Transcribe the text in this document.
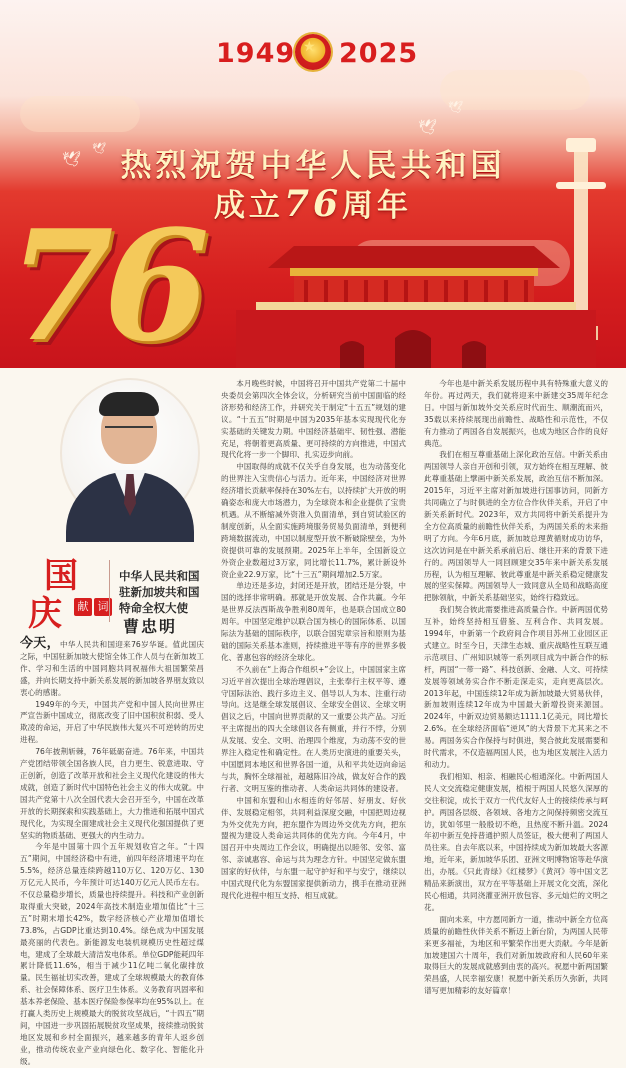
1949 ★ 2025
🕊
🕊
🕊
🕊 热烈祝贺中华人民共和国
成立76周年
76
国
庆	献 词
中华人民共和国
驻新加坡共和国
特命全权大使
曹忠明

今天，中华人民共和国迎来76岁华诞。值此国庆之际，中国驻新加坡大使馆全体工作人员与在新加坡工作、学习和生活的中国同胞共同祝福伟大祖国繁荣昌盛，并向长期支持中新关系发展的新加坡各界朋友致以衷心的感谢。

1949年的今天，中国共产党和中国人民向世界庄严宣告新中国成立，彻底改变了旧中国积贫积弱、受人欺凌的命运，开启了中华民族伟大复兴不可逆转的历史进程。

76年披荆斩棘，76年砥砺奋进。76年来，中国共产党团结带领全国各族人民，自力更生、锐意进取、守正创新，创造了改革开放和社会主义现代化建设的伟大成就，创造了新时代中国特色社会主义的伟大成就。中国共产党第十八次全国代表大会召开至今，中国在改革开放的长期探索和实践基础上，大力推进和拓展中国式现代化，为实现全面建成社会主义现代化强国提供了更坚实的物质基础、更强大的内生动力。

今年是中国第十四个五年规划收官之年。“十四五”期间，中国经济稳中有进，前四年经济增速平均在5.5%，经济总量连续跨越110万亿、120万亿、130万亿元人民币，今年预计可达140万亿元人民币左右。不仅总量稳步增长，质量也持续提升。科技和产业创新取得重大突破，2024年高技术制造业增加值比“十三五”时期末增长42%，数字经济核心产业增加值增长73.8%，占GDP比重达到10.4%。绿色成为中国发展最亮丽的代表色。新能源发电装机规模历史性超过煤电，建成了全球最大清洁发电体系。单位GDP能耗四年累计降低11.6%，相当于减少11亿吨二氧化碳排放量。民生福祉切实改善，建成了全球规模最大的教育体系、社会保障体系、医疗卫生体系。义务教育巩固率和基本养老保险、基本医疗保险参保率均在95%以上。在打赢人类历史上规模最大的脱贫攻坚战后，“十四五”期间，中国进一步巩固拓展脱贫攻坚成果，接续推动脱贫地区发展和乡村全面振兴，越来越多的青年人返乡创业，推动传统农业产业向绿色化、数字化、智能化升级。

本月晚些时候，中国将召开中国共产党第二十届中央委员会第四次全体会议，分析研究当前中国面临的经济形势和经济工作，并研究关于制定“十五五”规划的建议。“十五五”时期是中国为2035年基本实现现代化夯实基础的关键发力期。中国经济基础牢、韧性强、潜能充足，将朝着更高质量、更可持续的方向推进，中国式现代化将一步一个脚印、扎实迈步向前。

中国取得的成就不仅关乎自身发展，也为动荡变化的世界注入宝贵信心与活力。近年来，中国经济对世界经济增长贡献率保持在30%左右，以持续扩大开放的明确姿态和庞大市场潜力，为全球资本和企业提供了宝贵机遇。从不断缩减外资准入负面清单，到自贸试验区的制度创新，从全面实施跨境服务贸易负面清单，到便利跨境数据流动，中国以制度型开放不断破除壁垒，为外资提供可靠的发展预期。2025年上半年，全国新设立外资企业数超过3万家，同比增长11.7%，累计新设外资企业22.9万家，比“十三五”期间增加2.5万家。

单边还是多边，封闭还是开放，团结还是分裂，中国的选择非常明确。那就是开放发展、合作共赢。今年是世界反法西斯战争胜利80周年，也是联合国成立80周年。中国坚定维护以联合国为核心的国际体系、以国际法为基础的国际秩序，以联合国宪章宗旨和原则为基础的国际关系基本准则，持续推进平等有序的世界多极化、普惠包容的经济全球化。

不久前在“上海合作组织+”会议上，中国国家主席习近平首次提出全球治理倡议，主张奉行主权平等、遵守国际法治、践行多边主义、倡导以人为本、注重行动导向。这是继全球发展倡议、全球安全倡议、全球文明倡议之后，中国向世界贡献的又一重要公共产品。习近平主席提出的四大全球倡议各有侧重，并行不悖，分别从发展、安全、文明、治理四个维度，为动荡不安的世界注入稳定性和确定性。在人类历史演进的重要关头，中国愿同本地区和世界各国一道，从和平共处迈向命运与共，胸怀全球福祉，超越陈旧冷战，做友好合作的践行者、文明互鉴的推动者、人类命运共同体的建设者。

中国和东盟和山水相连的好邻居、好朋友、好伙伴、发展稳定相邻，共同利益深度交融，中国把周边视为外交优先方向，把东盟作为周边外交优先方向，把东盟视为建设人类命运共同体的优先方向。今年4月，中国召开中央周边工作会议，明确提出以睦邻、安邻、富邻、亲诚惠容、命运与共为理念方针。中国坚定做东盟国家的好伙伴，与东盟一起守护好和平与安宁，继续以中国式现代化为东盟国家提供新动力，携手在推动亚洲现代化进程中相互支持、相互成就。

今年也是中新关系发展历程中具有特殊重大意义的年份。再过两天，我们就将迎来中新建交35周年纪念日。中国与新加坡外交关系应时代而生、顺潮流而兴，35载以来持续展现出前瞻性、战略性和示范性，不仅有力推动了两国各自发展振兴，也成为地区合作的良好典范。

我们在相互尊重基础上深化政治互信。中新关系由两国领导人亲自开创和引领，双方始终在相互理解、彼此尊重基础上擘画中新关系发展，政治互信不断加深。2015年，习近平主席对新加坡进行国事访问，同新方共同确立了与时俱进的全方位合作伙伴关系，开启了中新关系新时代。2023年，双方共同将中新关系提升为全方位高质量的前瞻性伙伴关系，为两国关系的未来指明了方向。今年6月底，新加坡总理黄循财成功访华，这次访问是在中新关系承前启后、继往开来的背景下进行的。两国领导人一同回顾建交35年来中新关系发展历程，认为相互理解、彼此尊重是中新关系稳定健康发展的坚实保障。两国领导人一致同意从全局和战略高度把脉领航，中新关系基础坚实，始终行稳致远。

我们契合彼此需要推进高质量合作。中新两国优势互补，始终坚持相互借鉴、互利合作、共同发展。1994年，中新第一个政府间合作项目苏州工业园区正式建立。时至今日，天津生态城、重庆战略性互联互通示范项目、广州知识城等一系列项目成为中新合作的标杆，两国“一带一路”、科技创新、金融、人文、可持续发展等领域务实合作不断走深走实，走向更高层次。2013年起，中国连续12年成为新加坡最大贸易伙伴，新加坡则连续12年成为中国最大新增投资来源国。2024年，中新双边贸易额达1111.1亿美元，同比增长2.6%。在全球经济面临“逆风”的大背景下尤其来之不易。两国务实合作保持与时俱进，契合彼此发展需要和时代需求，不仅造福两国人民，也为地区发展注入活力和动力。

我们相知、相亲、相融民心相通深化。中新两国人民人文交流稳定健康发展，植根于两国人民悠久深厚的交往积淀，成长于双方一代代友好人士的接续传承与呵护。两国各层级、各领域、各地方之间保持频密交流互访，犹如邻里一般殷切不绝，且热度不断升温。2024年初中新互免持普通护照人员签证，极大便利了两国人员往来。自去年底以来，中国持续成为新加坡最大客源地，近年来，新加坡华乐团、亚洲文明博物馆等赴华演出，办展。《只此青绿》《红楼梦》《黄河》等中国文艺精品来新演出，双方在平等基础上开展文化交流，深化民心相通，共同浇灌亚洲开放包容、多元灿烂的文明之花。

面向未来，中方愿同新方一道，推动中新全方位高质量的前瞻性伙伴关系不断迈上新台阶，为两国人民带来更多福祉，为地区和平繁荣作出更大贡献。今年是新加坡建国六十周年，我们对新加坡政府和人民60年来取得巨大的发展成就感到由衷的高兴。祝愿中新两国繁荣昌盛，人民幸福安康！祝愿中新关系历久弥新，共同谱写更加精彩的友好篇章！
